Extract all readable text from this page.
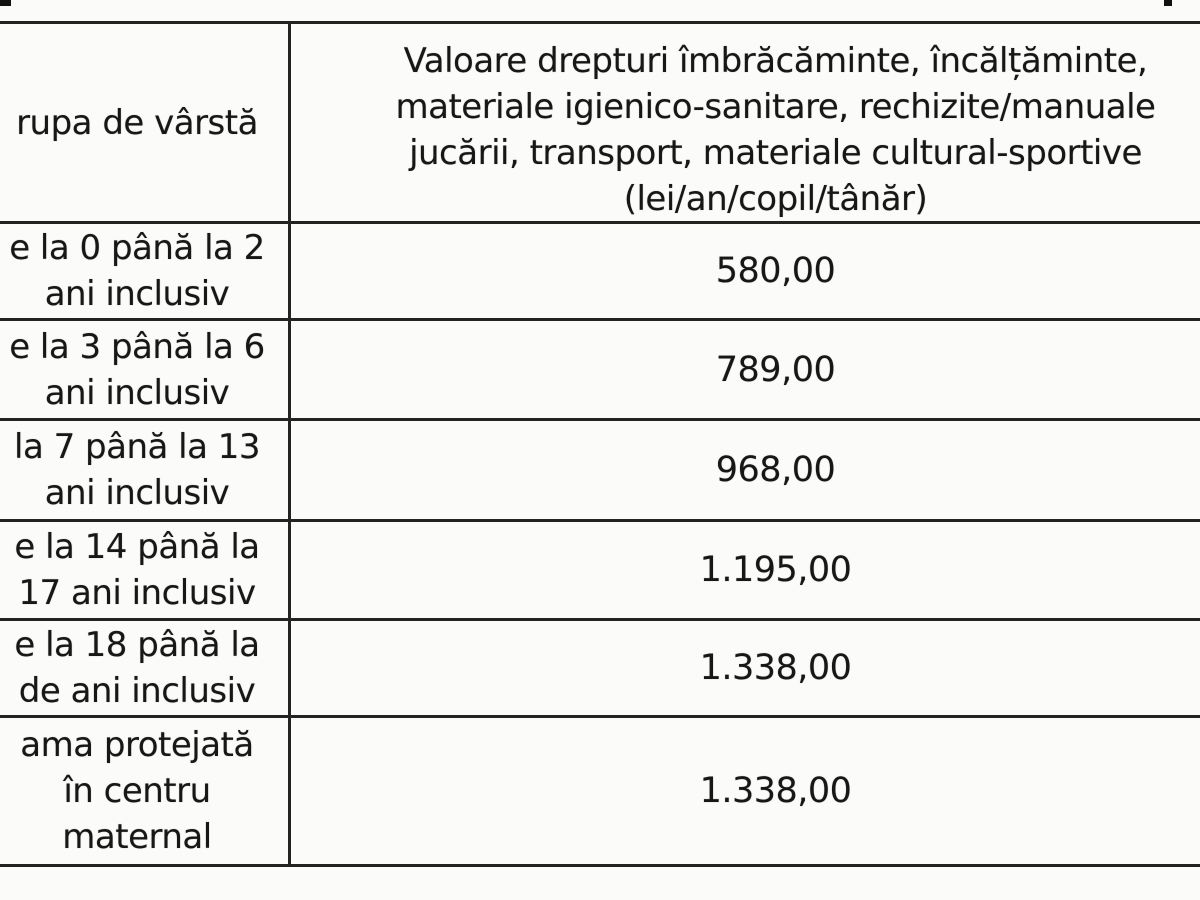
rupa de vârstă
Valoare drepturi îmbrăcăminte, încălțăminte,
materiale igienico-sanitare, rechizite/manuale
jucării, transport, materiale cultural-sportive
(lei/an/copil/tânăr)
e la 0 până la 2
ani inclusiv
580,00
e la 3 până la 6
ani inclusiv
789,00
la 7 până la 13
ani inclusiv
968,00
e la 14 până la
17 ani inclusiv
1.195,00
e la 18 până la
de ani inclusiv
1.338,00
ama protejată
în centru
maternal
1.338,00
